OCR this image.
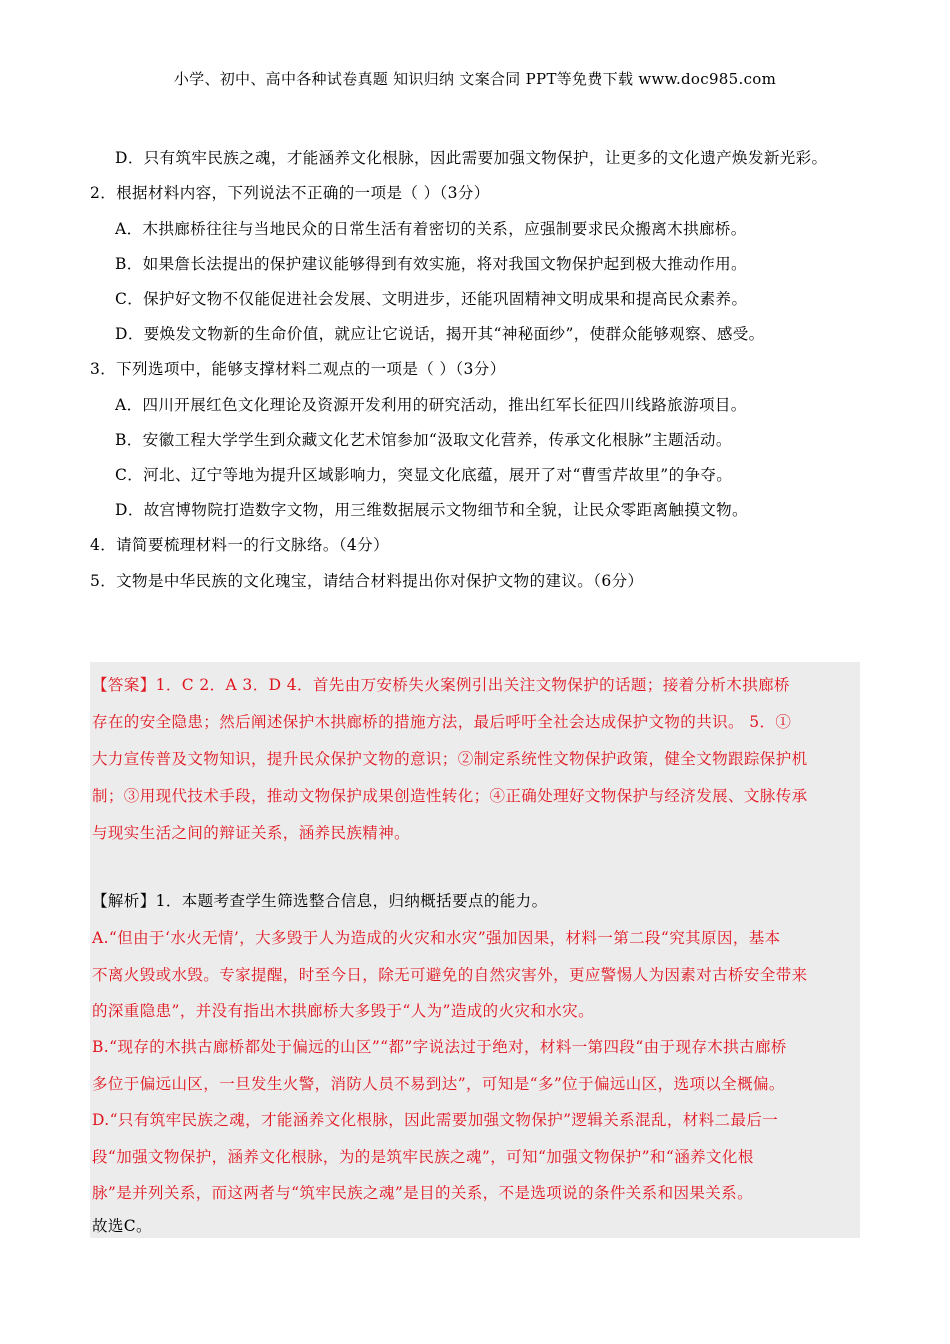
小学、初中、高中各种试卷真题 知识归纳 文案合同 PPT等免费下载 www.doc985.com
D．只有筑牢民族之魂，才能涵养文化根脉，因此需要加强文物保护，让更多的文化遗产焕发新光彩。
2．根据材料内容，下列说法不正确的一项是（ ）（3分）
A．木拱廊桥往往与当地民众的日常生活有着密切的关系，应强制要求民众搬离木拱廊桥。
B．如果詹长法提出的保护建议能够得到有效实施，将对我国文物保护起到极大推动作用。
C．保护好文物不仅能促进社会发展、文明进步，还能巩固精神文明成果和提高民众素养。
D．要焕发文物新的生命价值，就应让它说话，揭开其“神秘面纱”，使群众能够观察、感受。
3．下列选项中，能够支撑材料二观点的一项是（ ）（3分）
A．四川开展红色文化理论及资源开发利用的研究活动，推出红军长征四川线路旅游项目。
B．安徽工程大学学生到众藏文化艺术馆参加“汲取文化营养，传承文化根脉”主题活动。
C．河北、辽宁等地为提升区域影响力，突显文化底蕴，展开了对“曹雪芹故里”的争夺。
D．故宫博物院打造数字文物，用三维数据展示文物细节和全貌，让民众零距离触摸文物。
4．请简要梳理材料一的行文脉络。（4分）
5．文物是中华民族的文化瑰宝，请结合材料提出你对保护文物的建议。（6分）
【答案】1．C 2．A 3．D 4．首先由万安桥失火案例引出关注文物保护的话题；接着分析木拱廊桥
存在的安全隐患；然后阐述保护木拱廊桥的措施方法，最后呼吁全社会达成保护文物的共识。 5．①
大力宣传普及文物知识，提升民众保护文物的意识；②制定系统性文物保护政策，健全文物跟踪保护机
制；③用现代技术手段，推动文物保护成果创造性转化；④正确处理好文物保护与经济发展、文脉传承
与现实生活之间的辩证关系，涵养民族精神。
【解析】1．本题考查学生筛选整合信息，归纳概括要点的能力。
A.“但由于‘水火无情’，大多毁于人为造成的火灾和水灾”强加因果，材料一第二段“究其原因，基本
不离火毁或水毁。专家提醒，时至今日，除无可避免的自然灾害外，更应警惕人为因素对古桥安全带来
的深重隐患”，并没有指出木拱廊桥大多毁于“人为”造成的火灾和水灾。
B.“现存的木拱古廊桥都处于偏远的山区”“都”字说法过于绝对，材料一第四段“由于现存木拱古廊桥
多位于偏远山区，一旦发生火警，消防人员不易到达”，可知是“多”位于偏远山区，选项以全概偏。
D.“只有筑牢民族之魂，才能涵养文化根脉，因此需要加强文物保护”逻辑关系混乱，材料二最后一
段“加强文物保护，涵养文化根脉，为的是筑牢民族之魂”，可知“加强文物保护”和“涵养文化根
脉”是并列关系，而这两者与“筑牢民族之魂”是目的关系，不是选项说的条件关系和因果关系。
故选C。
